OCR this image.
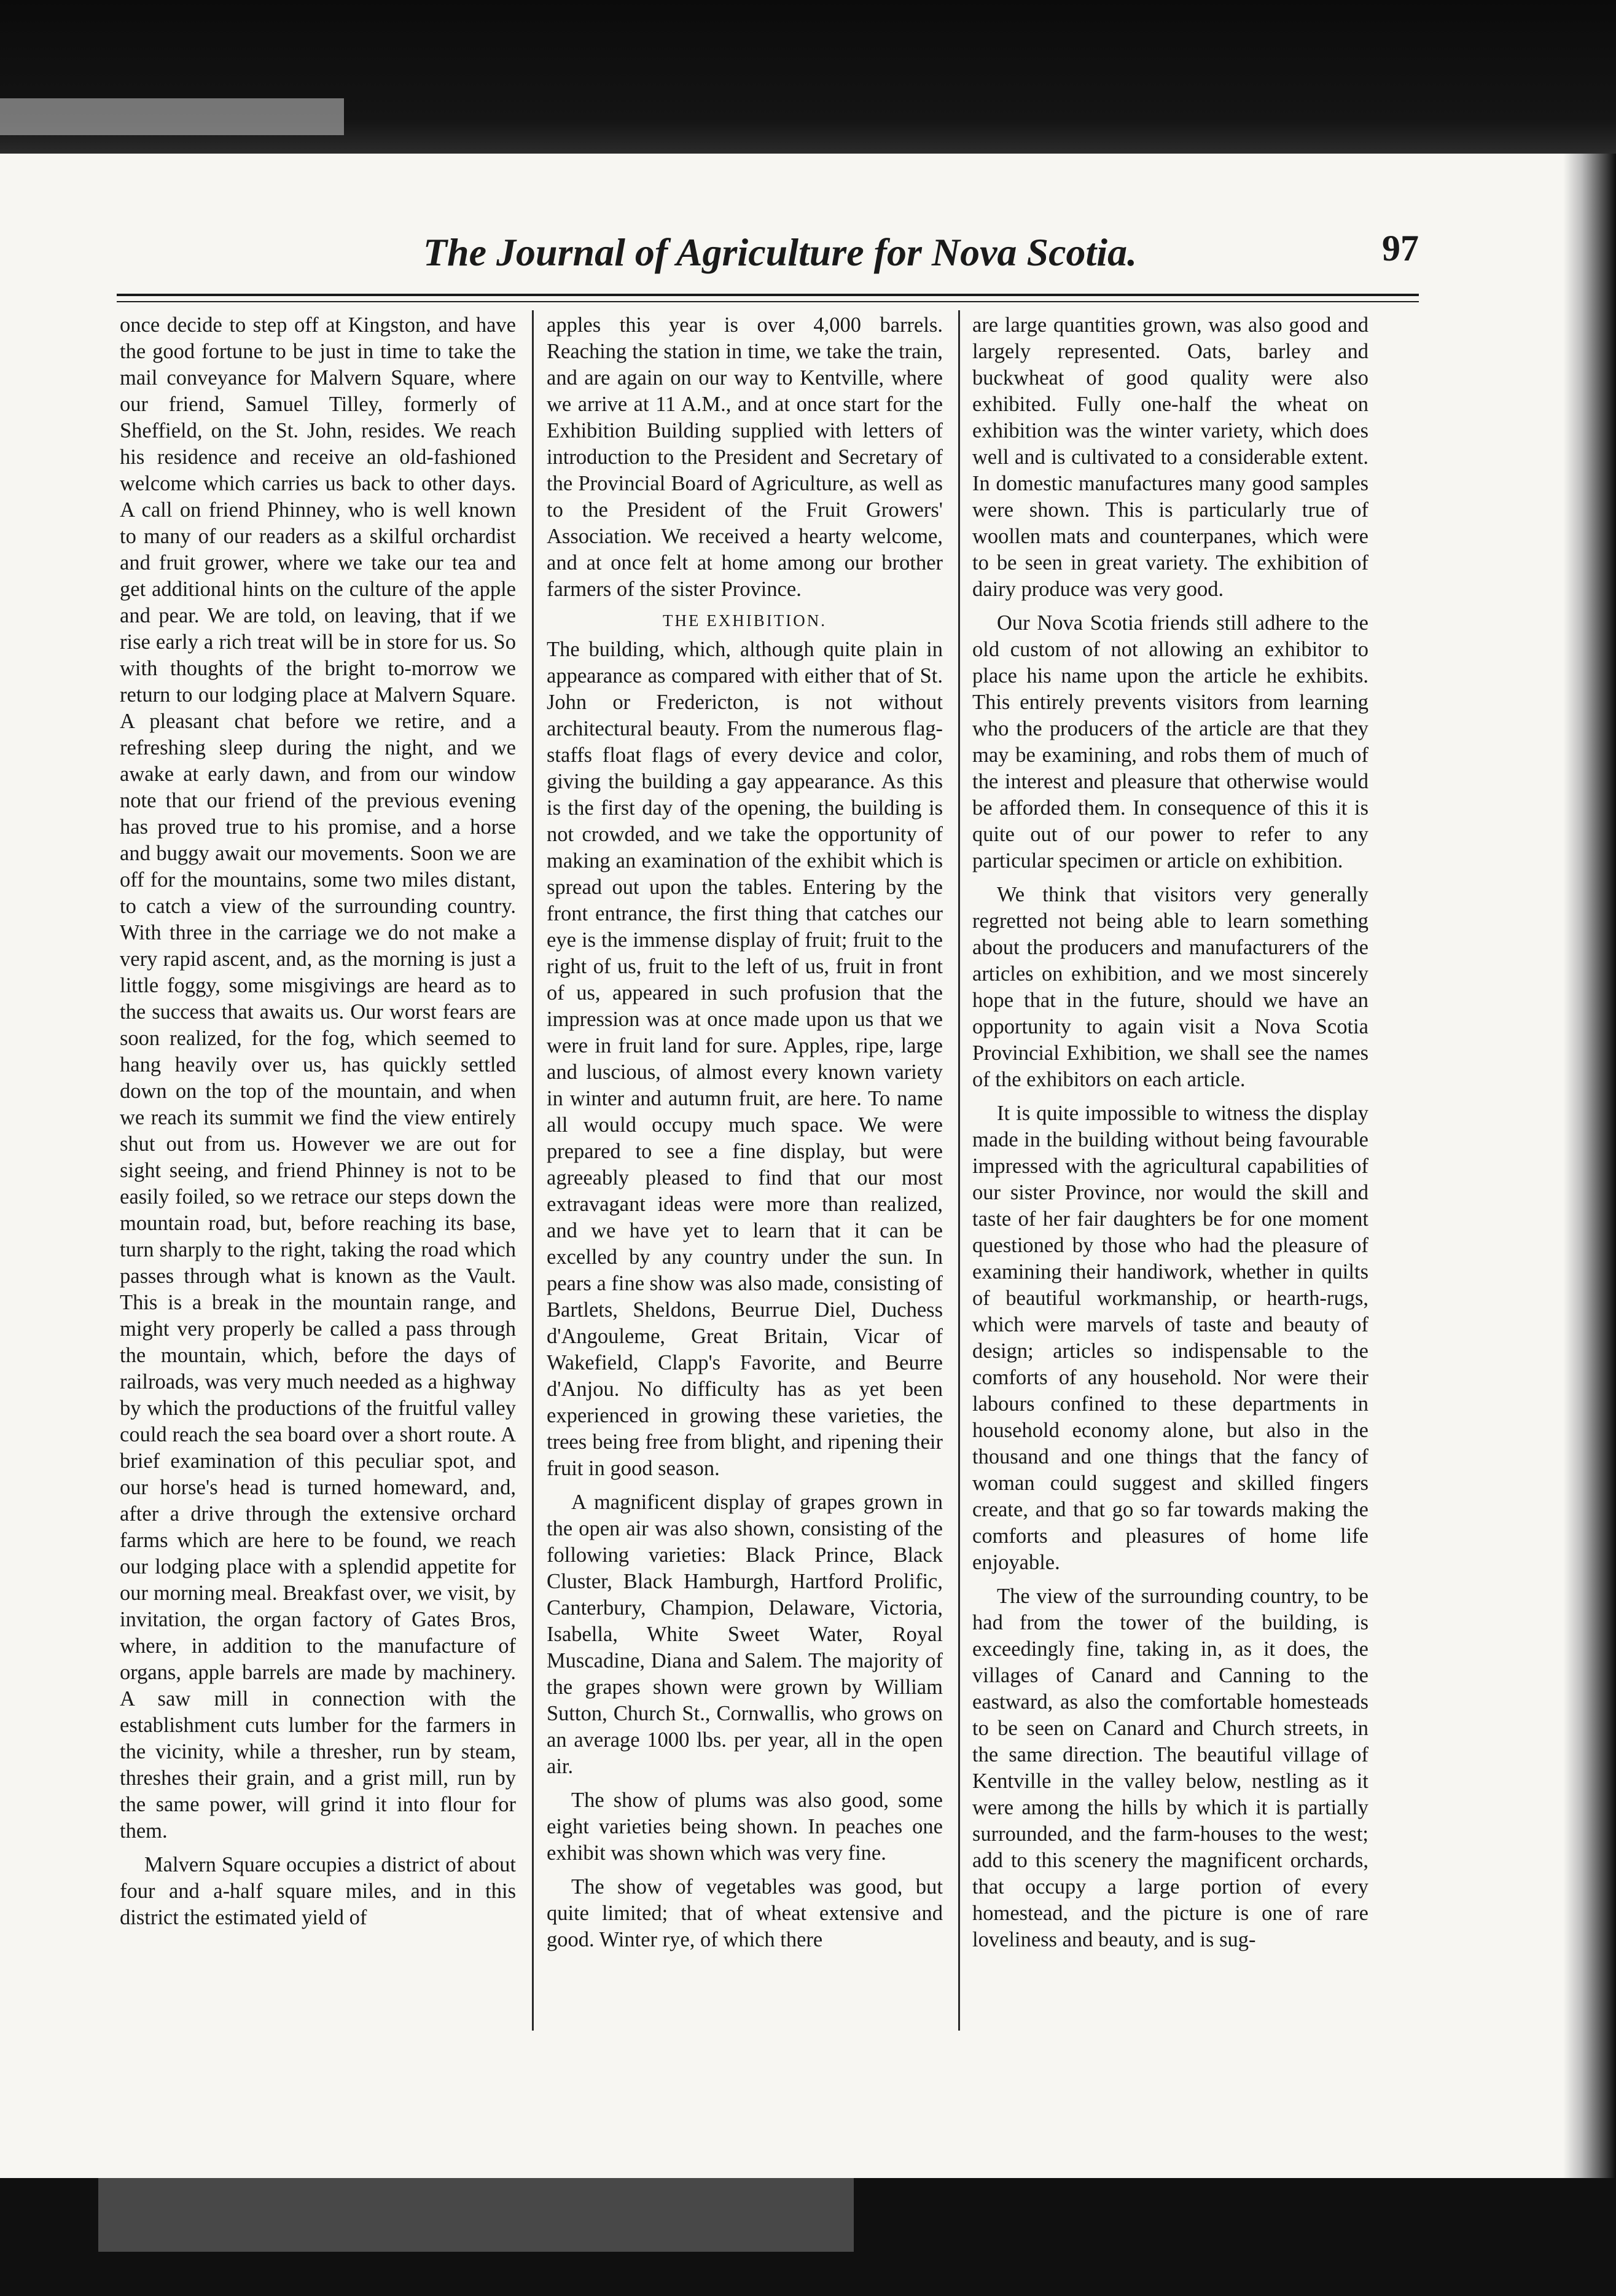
The Journal of Agriculture for Nova Scotia.	97

once decide to step off at Kingston, and have the good fortune to be just in time to take the mail conveyance for Malvern Square, where our friend, Samuel Tilley, formerly of Sheffield, on the St. John, resides. We reach his residence and receive an old-fashioned welcome which carries us back to other days. A call on friend Phinney, who is well known to many of our readers as a skilful orchardist and fruit grower, where we take our tea and get additional hints on the culture of the apple and pear. We are told, on leaving, that if we rise early a rich treat will be in store for us. So with thoughts of the bright to-morrow we return to our lodging place at Malvern Square. A pleasant chat before we retire, and a refreshing sleep during the night, and we awake at early dawn, and from our window note that our friend of the previous evening has proved true to his promise, and a horse and buggy await our movements. Soon we are off for the mountains, some two miles distant, to catch a view of the surrounding country. With three in the carriage we do not make a very rapid ascent, and, as the morning is just a little foggy, some misgivings are heard as to the success that awaits us. Our worst fears are soon realized, for the fog, which seemed to hang heavily over us, has quickly settled down on the top of the mountain, and when we reach its summit we find the view entirely shut out from us. However we are out for sight seeing, and friend Phinney is not to be easily foiled, so we retrace our steps down the mountain road, but, before reaching its base, turn sharply to the right, taking the road which passes through what is known as the Vault. This is a break in the mountain range, and might very properly be called a pass through the mountain, which, before the days of railroads, was very much needed as a highway by which the productions of the fruitful valley could reach the sea board over a short route. A brief examination of this peculiar spot, and our horse's head is turned homeward, and, after a drive through the extensive orchard farms which are here to be found, we reach our lodging place with a splendid appetite for our morning meal. Breakfast over, we visit, by invitation, the organ factory of Gates Bros, where, in addition to the manufacture of organs, apple barrels are made by machinery. A saw mill in connection with the establishment cuts lumber for the farmers in the vicinity, while a thresher, run by steam, threshes their grain, and a grist mill, run by the same power, will grind it into flour for them.

Malvern Square occupies a district of about four and a-half square miles, and in this district the estimated yield of

apples this year is over 4,000 barrels. Reaching the station in time, we take the train, and are again on our way to Kentville, where we arrive at 11 A.M., and at once start for the Exhibition Building supplied with letters of introduction to the President and Secretary of the Provincial Board of Agriculture, as well as to the President of the Fruit Growers' Association. We received a hearty welcome, and at once felt at home among our brother farmers of the sister Province.

THE EXHIBITION.

The building, which, although quite plain in appearance as compared with either that of St. John or Fredericton, is not without architectural beauty. From the numerous flag-staffs float flags of every device and color, giving the building a gay appearance. As this is the first day of the opening, the building is not crowded, and we take the opportunity of making an examination of the exhibit which is spread out upon the tables. Entering by the front entrance, the first thing that catches our eye is the immense display of fruit; fruit to the right of us, fruit to the left of us, fruit in front of us, appeared in such profusion that the impression was at once made upon us that we were in fruit land for sure. Apples, ripe, large and luscious, of almost every known variety in winter and autumn fruit, are here. To name all would occupy much space. We were prepared to see a fine display, but were agreeably pleased to find that our most extravagant ideas were more than realized, and we have yet to learn that it can be excelled by any country under the sun. In pears a fine show was also made, consisting of Bartlets, Sheldons, Beurrue Diel, Duchess d'Angouleme, Great Britain, Vicar of Wakefield, Clapp's Favorite, and Beurre d'Anjou. No difficulty has as yet been experienced in growing these varieties, the trees being free from blight, and ripening their fruit in good season.

A magnificent display of grapes grown in the open air was also shown, consisting of the following varieties: Black Prince, Black Cluster, Black Hamburgh, Hartford Prolific, Canterbury, Champion, Delaware, Victoria, Isabella, White Sweet Water, Royal Muscadine, Diana and Salem. The majority of the grapes shown were grown by William Sutton, Church St., Cornwallis, who grows on an average 1000 lbs. per year, all in the open air.

The show of plums was also good, some eight varieties being shown. In peaches one exhibit was shown which was very fine.

The show of vegetables was good, but quite limited; that of wheat extensive and good. Winter rye, of which there

are large quantities grown, was also good and largely represented. Oats, barley and buckwheat of good quality were also exhibited. Fully one-half the wheat on exhibition was the winter variety, which does well and is cultivated to a considerable extent. In domestic manufactures many good samples were shown. This is particularly true of woollen mats and counterpanes, which were to be seen in great variety. The exhibition of dairy produce was very good.

Our Nova Scotia friends still adhere to the old custom of not allowing an exhibitor to place his name upon the article he exhibits. This entirely prevents visitors from learning who the producers of the article are that they may be examining, and robs them of much of the interest and pleasure that otherwise would be afforded them. In consequence of this it is quite out of our power to refer to any particular specimen or article on exhibition.

We think that visitors very generally regretted not being able to learn something about the producers and manufacturers of the articles on exhibition, and we most sincerely hope that in the future, should we have an opportunity to again visit a Nova Scotia Provincial Exhibition, we shall see the names of the exhibitors on each article.

It is quite impossible to witness the display made in the building without being favourable impressed with the agricultural capabilities of our sister Province, nor would the skill and taste of her fair daughters be for one moment questioned by those who had the pleasure of examining their handiwork, whether in quilts of beautiful workmanship, or hearth-rugs, which were marvels of taste and beauty of design; articles so indispensable to the comforts of any household. Nor were their labours confined to these departments in household economy alone, but also in the thousand and one things that the fancy of woman could suggest and skilled fingers create, and that go so far towards making the comforts and pleasures of home life enjoyable.

The view of the surrounding country, to be had from the tower of the building, is exceedingly fine, taking in, as it does, the villages of Canard and Canning to the eastward, as also the comfortable homesteads to be seen on Canard and Church streets, in the same direction. The beautiful village of Kentville in the valley below, nestling as it were among the hills by which it is partially surrounded, and the farm-houses to the west; add to this scenery the magnificent orchards, that occupy a large portion of every homestead, and the picture is one of rare loveliness and beauty, and is sug-
